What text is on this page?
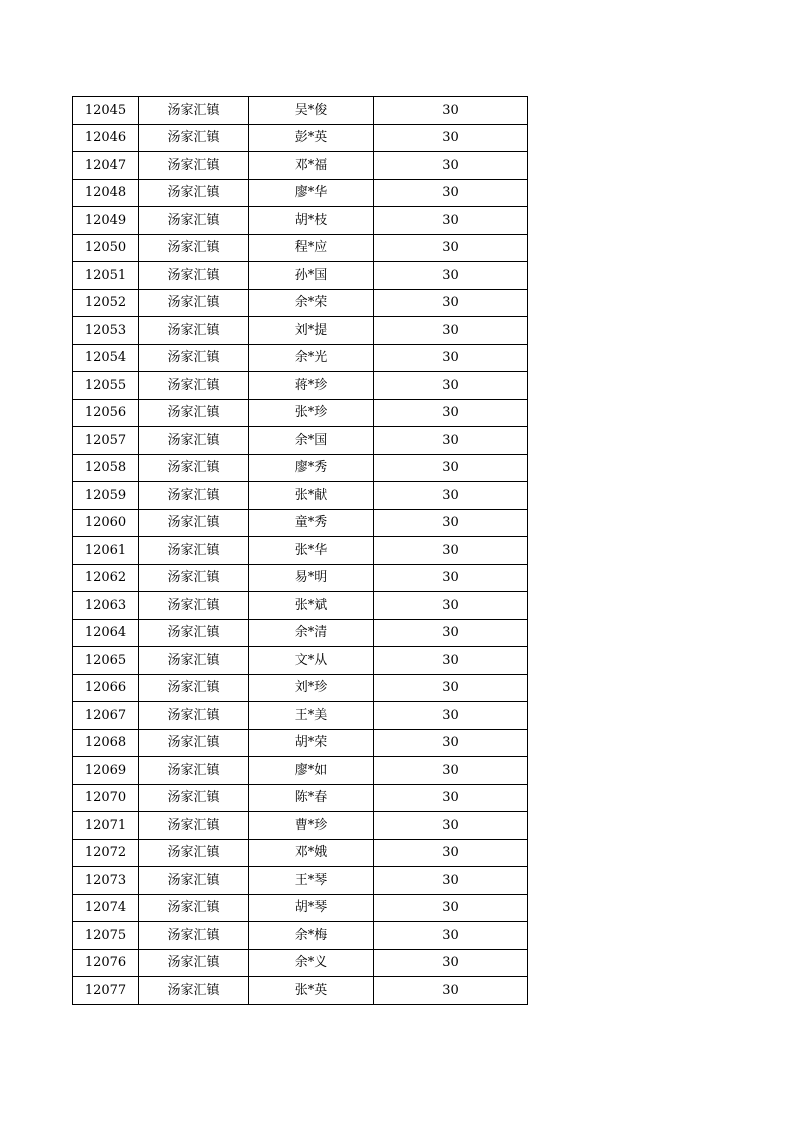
12045	汤家汇镇	吴*俊	30
12046	汤家汇镇	彭*英	30
12047	汤家汇镇	邓*福	30
12048	汤家汇镇	廖*华	30
12049	汤家汇镇	胡*枝	30
12050	汤家汇镇	程*应	30
12051	汤家汇镇	孙*国	30
12052	汤家汇镇	余*荣	30
12053	汤家汇镇	刘*提	30
12054	汤家汇镇	余*光	30
12055	汤家汇镇	蒋*珍	30
12056	汤家汇镇	张*珍	30
12057	汤家汇镇	余*国	30
12058	汤家汇镇	廖*秀	30
12059	汤家汇镇	张*献	30
12060	汤家汇镇	童*秀	30
12061	汤家汇镇	张*华	30
12062	汤家汇镇	易*明	30
12063	汤家汇镇	张*斌	30
12064	汤家汇镇	余*清	30
12065	汤家汇镇	文*从	30
12066	汤家汇镇	刘*珍	30
12067	汤家汇镇	王*美	30
12068	汤家汇镇	胡*荣	30
12069	汤家汇镇	廖*如	30
12070	汤家汇镇	陈*春	30
12071	汤家汇镇	曹*珍	30
12072	汤家汇镇	邓*娥	30
12073	汤家汇镇	王*琴	30
12074	汤家汇镇	胡*琴	30
12075	汤家汇镇	余*梅	30
12076	汤家汇镇	余*义	30
12077	汤家汇镇	张*英	30
